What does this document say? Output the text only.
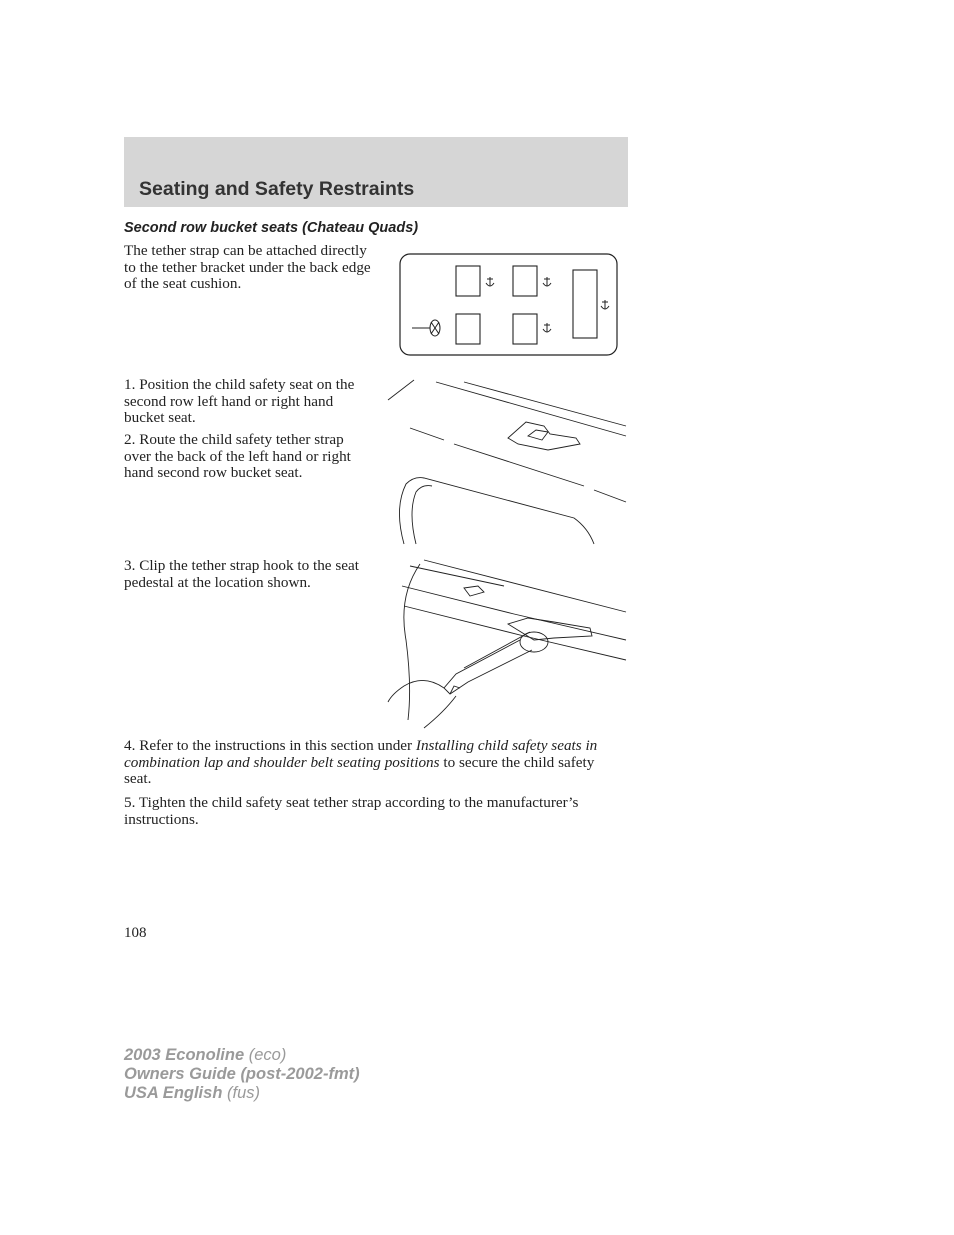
Seating and Safety Restraints
Second row bucket seats (Chateau Quads)

The tether strap can be attached directly to the tether bracket under the back edge of the seat cushion.

1. Position the child safety seat on the second row left hand or right hand bucket seat.

2. Route the child safety tether strap over the back of the left hand or right hand second row bucket seat.

3. Clip the tether strap hook to the seat pedestal at the location shown.

4. Refer to the instructions in this section under Installing child safety seats in combination lap and shoulder belt seating positions to secure the child safety seat.

5. Tighten the child safety seat tether strap according to the manufacturer’s instructions.

108
2003 Econoline (eco)
Owners Guide (post-2002-fmt)
USA English (fus)
